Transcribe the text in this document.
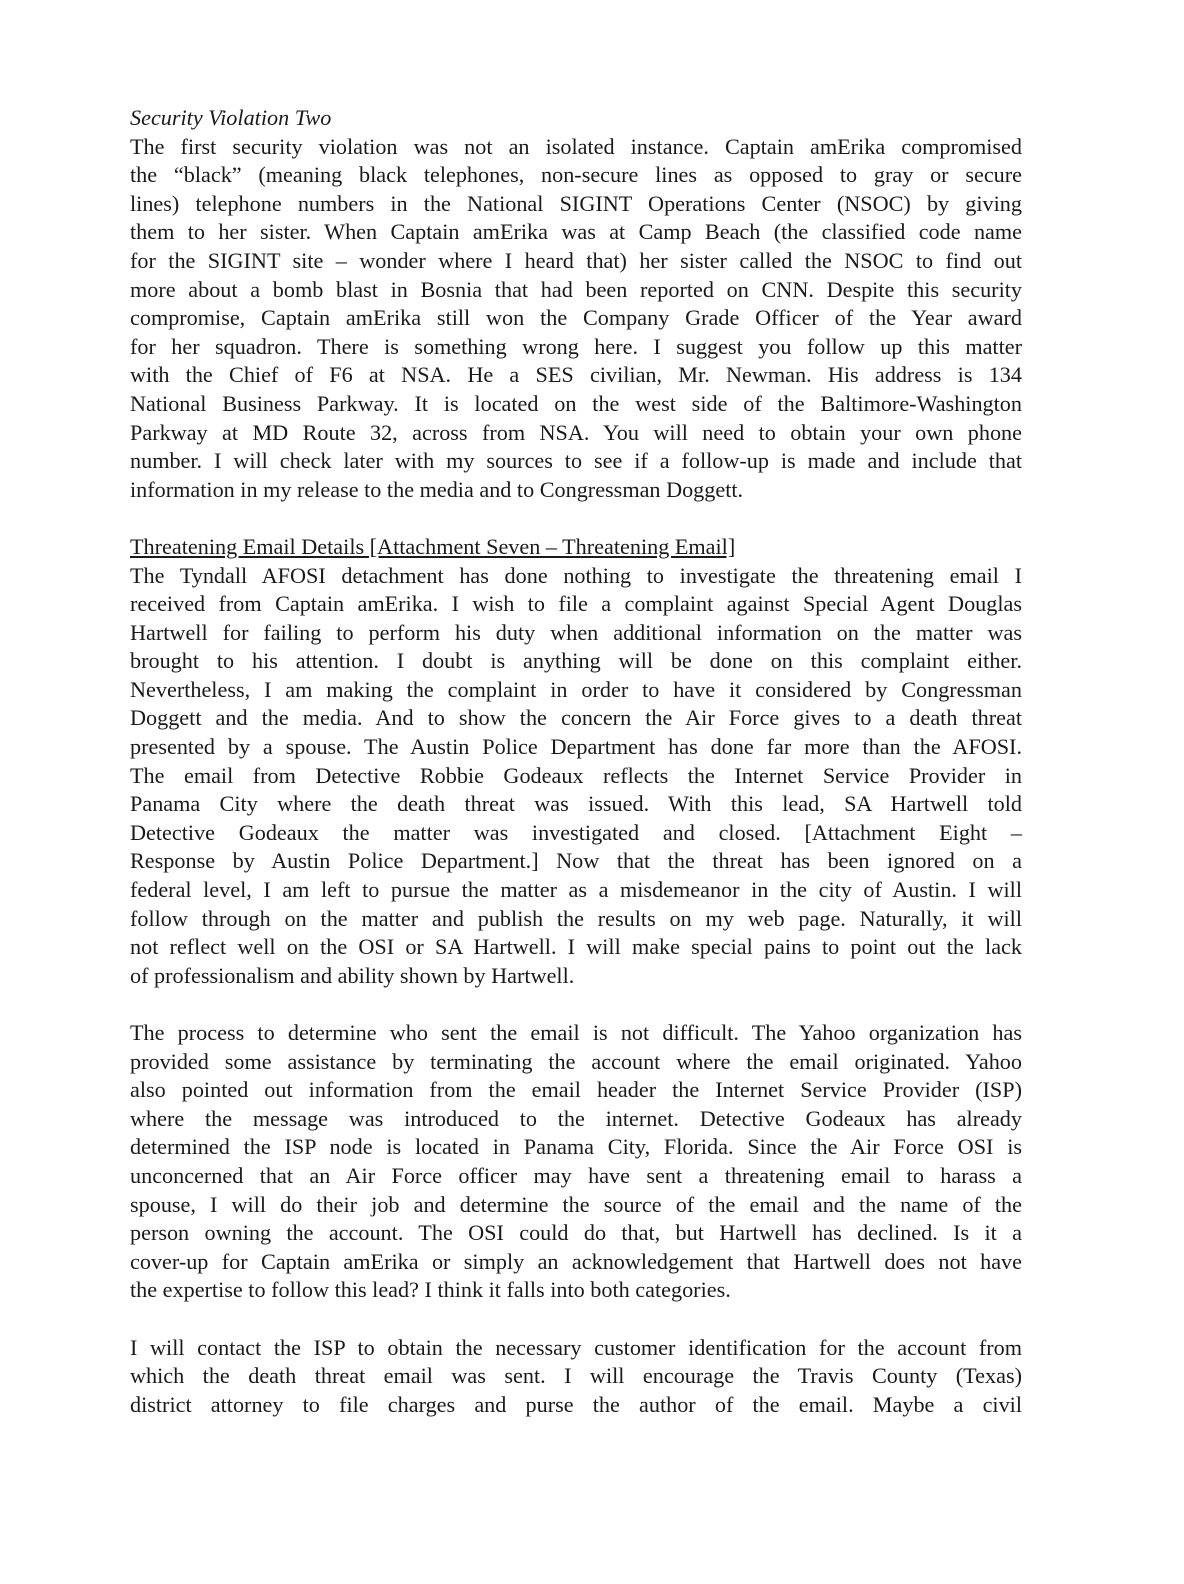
Security Violation Two

The first security violation was not an isolated instance. Captain amErika compromised
the “black” (meaning black telephones, non-secure lines as opposed to gray or secure
lines) telephone numbers in the National SIGINT Operations Center (NSOC) by giving
them to her sister. When Captain amErika was at Camp Beach (the classified code name
for the SIGINT site – wonder where I heard that) her sister called the NSOC to find out
more about a bomb blast in Bosnia that had been reported on CNN. Despite this security
compromise, Captain amErika still won the Company Grade Officer of the Year award
for her squadron. There is something wrong here. I suggest you follow up this matter
with the Chief of F6 at NSA. He a SES civilian, Mr. Newman. His address is 134
National Business Parkway. It is located on the west side of the Baltimore-Washington
Parkway at MD Route 32, across from NSA. You will need to obtain your own phone
number. I will check later with my sources to see if a follow-up is made and include that
information in my release to the media and to Congressman Doggett.

Threatening Email Details [Attachment Seven – Threatening Email]

The Tyndall AFOSI detachment has done nothing to investigate the threatening email I
received from Captain amErika. I wish to file a complaint against Special Agent Douglas
Hartwell for failing to perform his duty when additional information on the matter was
brought to his attention. I doubt is anything will be done on this complaint either.
Nevertheless, I am making the complaint in order to have it considered by Congressman
Doggett and the media. And to show the concern the Air Force gives to a death threat
presented by a spouse. The Austin Police Department has done far more than the AFOSI.
The email from Detective Robbie Godeaux reflects the Internet Service Provider in
Panama City where the death threat was issued. With this lead, SA Hartwell told
Detective Godeaux the matter was investigated and closed. [Attachment Eight –
Response by Austin Police Department.] Now that the threat has been ignored on a
federal level, I am left to pursue the matter as a misdemeanor in the city of Austin. I will
follow through on the matter and publish the results on my web page. Naturally, it will
not reflect well on the OSI or SA Hartwell. I will make special pains to point out the lack
of professionalism and ability shown by Hartwell.
The process to determine who sent the email is not difficult. The Yahoo organization has
provided some assistance by terminating the account where the email originated. Yahoo
also pointed out information from the email header the Internet Service Provider (ISP)
where the message was introduced to the internet. Detective Godeaux has already
determined the ISP node is located in Panama City, Florida. Since the Air Force OSI is
unconcerned that an Air Force officer may have sent a threatening email to harass a
spouse, I will do their job and determine the source of the email and the name of the
person owning the account. The OSI could do that, but Hartwell has declined. Is it a
cover-up for Captain amErika or simply an acknowledgement that Hartwell does not have
the expertise to follow this lead? I think it falls into both categories.
I will contact the ISP to obtain the necessary customer identification for the account from
which the death threat email was sent. I will encourage the Travis County (Texas)
district attorney to file charges and purse the author of the email. Maybe a civil
